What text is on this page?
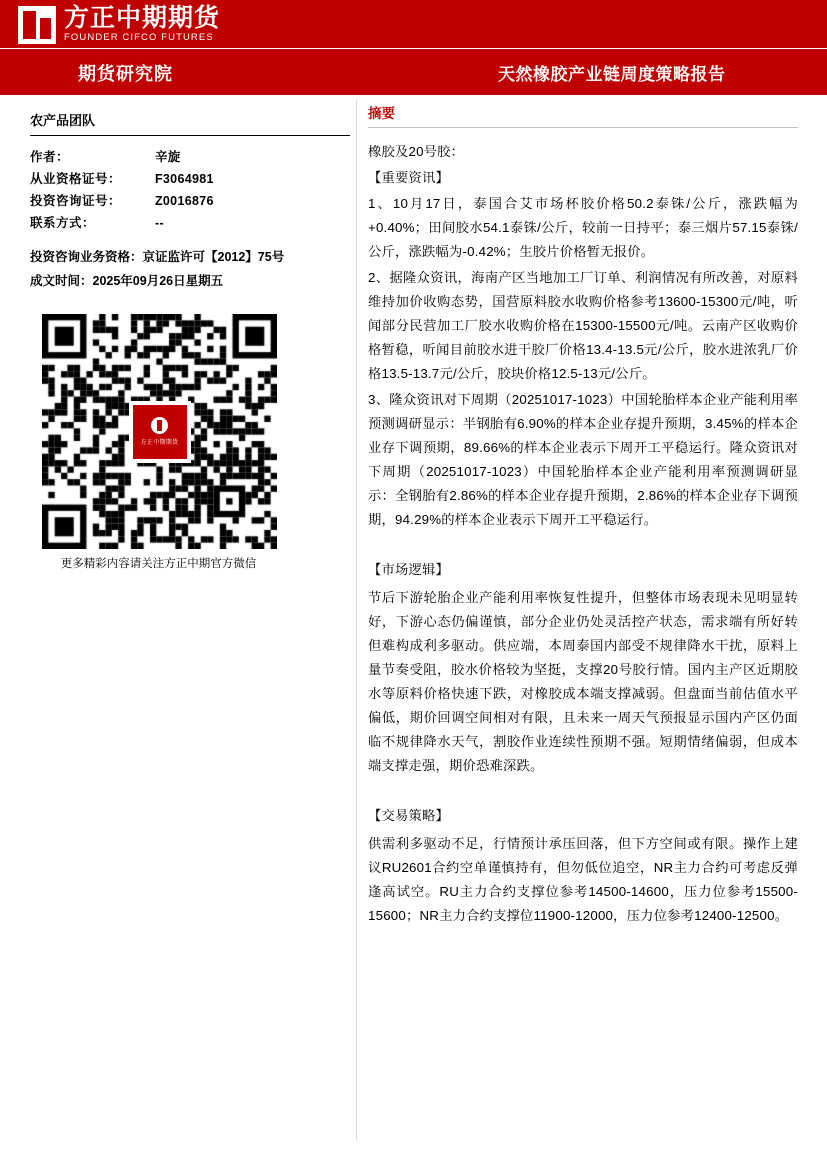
方正中期期货
FOUNDER CIFCO FUTURES
期货研究院	天然橡胶产业链周度策略报告
农产品团队
作者：	辛旋
从业资格证号：	F3064981
投资咨询证号：	Z0016876
联系方式：	--
投资咨询业务资格：京证监许可【2012】75号
成文时间：2025年09月26日星期五
方正中期期货
更多精彩内容请关注方正中期官方微信
摘要

橡胶及20号胶：

【重要资讯】

1、10月17日，泰国合艾市场杯胶价格50.2泰铢/公斤，涨跌幅为+0.40%；田间胶水54.1泰铢/公斤，较前一日持平；泰三烟片57.15泰铢/公斤，涨跌幅为-0.42%；生胶片价格暂无报价。

2、据隆众资讯，海南产区当地加工厂订单、利润情况有所改善，对原料维持加价收购态势，国营原料胶水收购价格参考13600-15300元/吨，听闻部分民营加工厂胶水收购价格在15300-15500元/吨。云南产区收购价格暂稳，听闻目前胶水进干胶厂价格13.4-13.5元/公斤，胶水进浓乳厂价格13.5-13.7元/公斤，胶块价格12.5-13元/公斤。

3、隆众资讯对下周期（20251017-1023）中国轮胎样本企业产能利用率预测调研显示：半钢胎有6.90%的样本企业存提升预期，3.45%的样本企业存下调预期，89.66%的样本企业表示下周开工平稳运行。隆众资讯对下周期（20251017-1023）中国轮胎样本企业产能利用率预测调研显示：全钢胎有2.86%的样本企业存提升预期，2.86%的样本企业存下调预期，94.29%的样本企业表示下周开工平稳运行。

【市场逻辑】

节后下游轮胎企业产能利用率恢复性提升，但整体市场表现未见明显转好，下游心态仍偏谨慎，部分企业仍处灵活控产状态，需求端有所好转但难构成利多驱动。供应端，本周泰国内部受不规律降水干扰，原料上量节奏受阻，胶水价格较为坚挺，支撑20号胶行情。国内主产区近期胶水等原料价格快速下跌，对橡胶成本端支撑减弱。但盘面当前估值水平偏低，期价回调空间相对有限，且未来一周天气预报显示国内产区仍面临不规律降水天气，割胶作业连续性预期不强。短期情绪偏弱，但成本端支撑走强，期价恐难深跌。

【交易策略】

供需利多驱动不足，行情预计承压回落，但下方空间或有限。操作上建议RU2601合约空单谨慎持有，但勿低位追空，NR主力合约可考虑反弹逢高试空。RU主力合约支撑位参考14500-14600，压力位参考15500-15600；NR主力合约支撑位11900-12000，压力位参考12400-12500。
